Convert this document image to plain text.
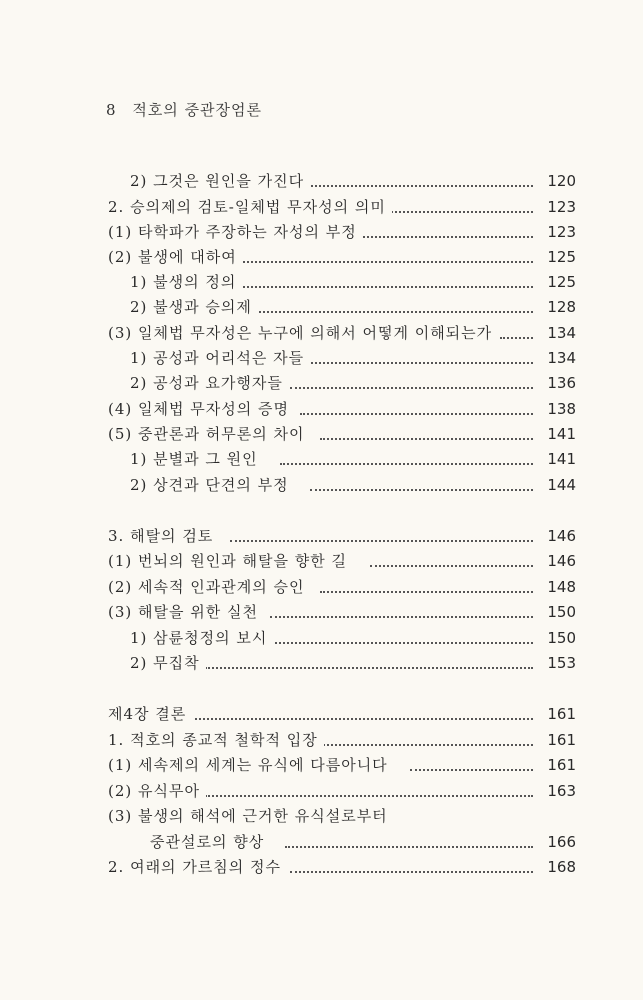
8 적호의 중관장엄론
2) 그것은 원인을 가진다	120
2. 승의제의 검토-일체법 무자성의 의미	123
(1) 타학파가 주장하는 자성의 부정	123
(2) 불생에 대하여	125
1) 불생의 정의	125
2) 불생과 승의제	128
(3) 일체법 무자성은 누구에 의해서 어떻게 이해되는가	134
1) 공성과 어리석은 자들	134
2) 공성과 요가행자들	136
(4) 일체법 무자성의 증명	138
(5) 중관론과 허무론의 차이	141
1) 분별과 그 원인	141
2) 상견과 단견의 부정	144
3. 해탈의 검토	146
(1) 번뇌의 원인과 해탈을 향한 길	146
(2) 세속적 인과관계의 승인	148
(3) 해탈을 위한 실천	150
1) 삼륜청정의 보시	150
2) 무집착	153
제4장 결론	161
1. 적호의 종교적 철학적 입장	161
(1) 세속제의 세계는 유식에 다름아니다	161
(2) 유식무아	163
(3) 불생의 해석에 근거한 유식설로부터
중관설로의 향상	166
2. 여래의 가르침의 정수	168
